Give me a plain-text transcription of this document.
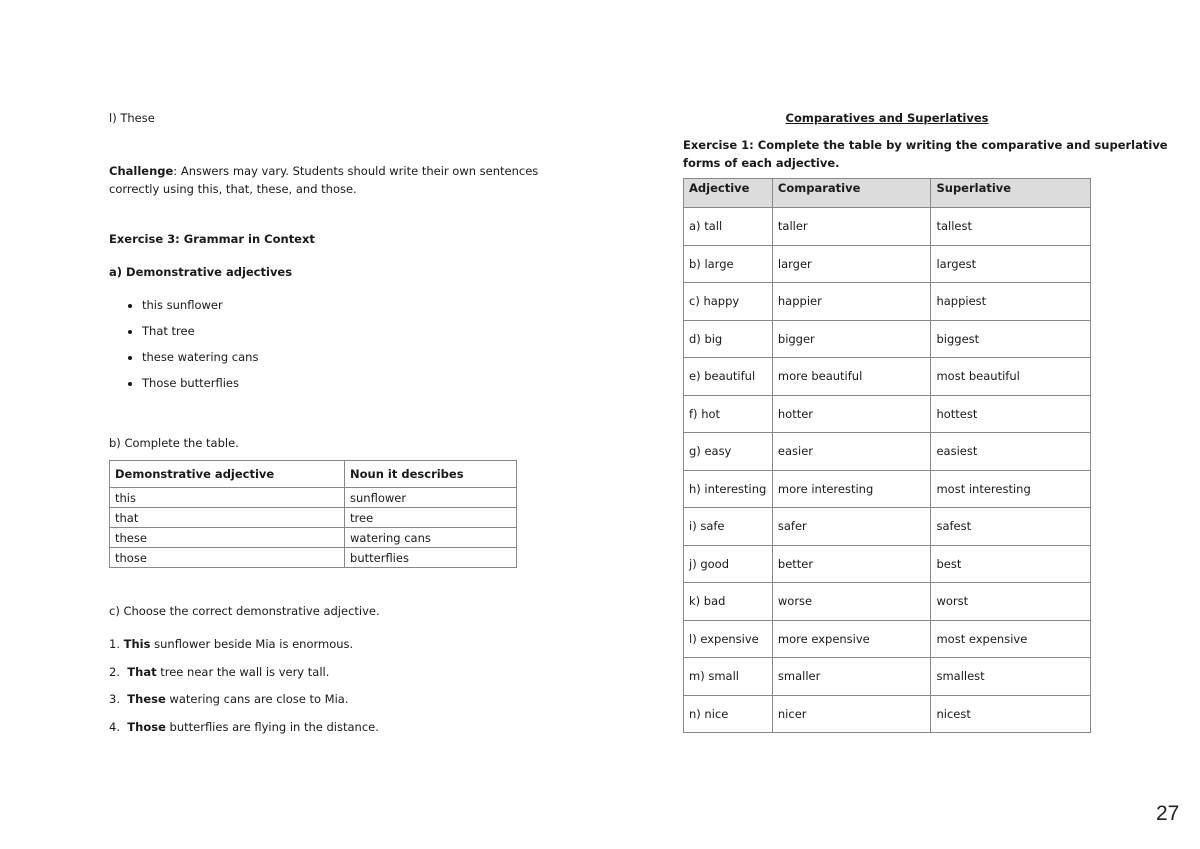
l) These
Challenge: Answers may vary. Students should write their own sentences
correctly using this, that, these, and those.
Exercise 3: Grammar in Context
a) Demonstrative adjectives
• this sunflower
• That tree
• these watering cans
• Those butterflies
b) Complete the table.
Demonstrative adjective	Noun it describes
this	sunflower
that	tree
these	watering cans
those	butterflies
c) Choose the correct demonstrative adjective.
1. This sunflower beside Mia is enormous.
2. That tree near the wall is very tall.
3. These watering cans are close to Mia.
4. Those butterflies are flying in the distance.
Comparatives and Superlatives
Exercise 1: Complete the table by writing the comparative and superlative
forms of each adjective.
Adjective	Comparative	Superlative
a) tall	taller	tallest
b) large	larger	largest
c) happy	happier	happiest
d) big	bigger	biggest
e) beautiful	more beautiful	most beautiful
f) hot	hotter	hottest
g) easy	easier	easiest
h) interesting	more interesting	most interesting
i) safe	safer	safest
j) good	better	best
k) bad	worse	worst
l) expensive	more expensive	most expensive
m) small	smaller	smallest
n) nice	nicer	nicest
27
